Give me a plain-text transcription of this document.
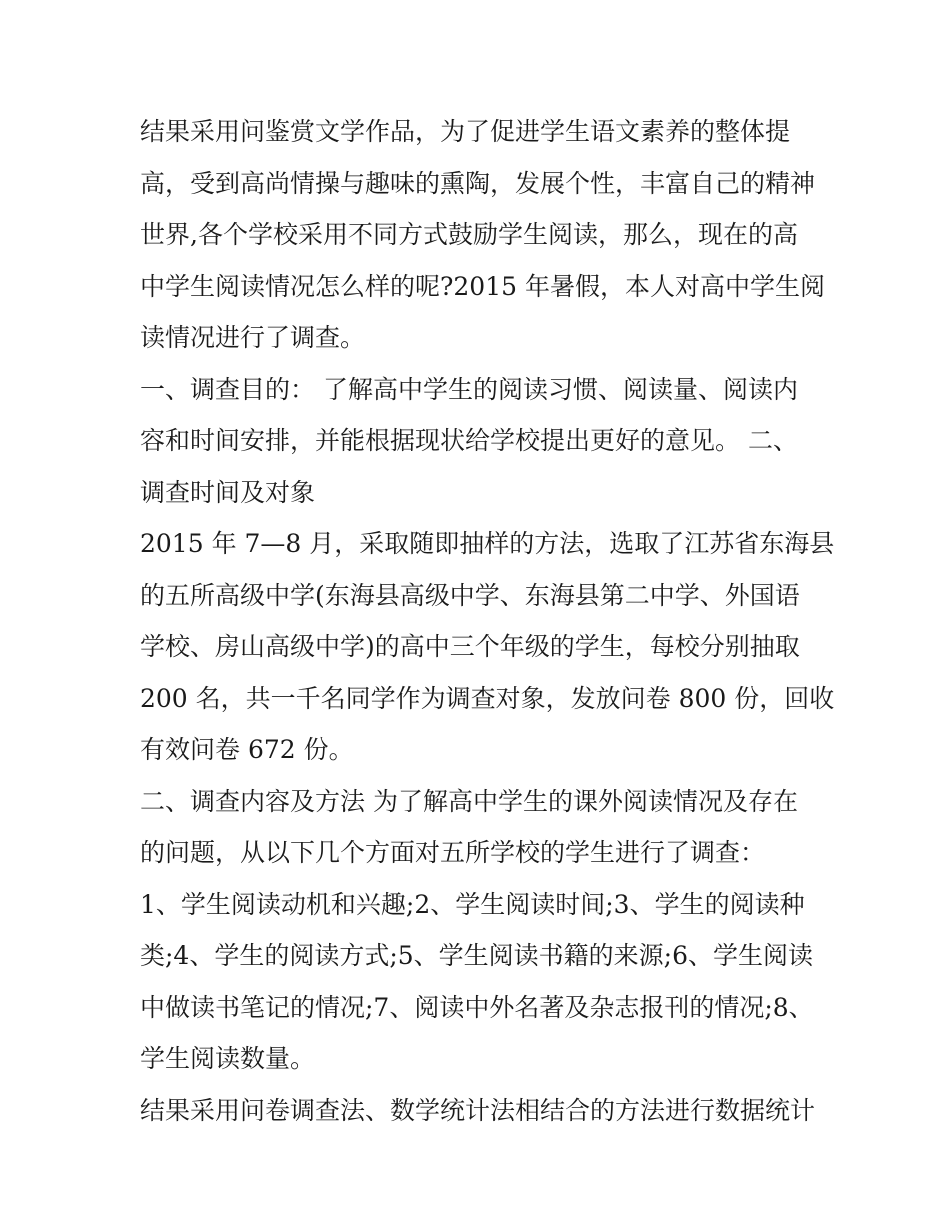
结果采用问鉴赏文学作品，为了促进学生语文素养的整体提
高，受到高尚情操与趣味的熏陶，发展个性，丰富自己的精神
世界,各个学校采用不同方式鼓励学生阅读，那么，现在的高
中学生阅读情况怎么样的呢?2015 年暑假，本人对高中学生阅
读情况进行了调查。
一、调查目的： 了解高中学生的阅读习惯、阅读量、阅读内
容和时间安排，并能根据现状给学校提出更好的意见。 二、
调查时间及对象
2015 年 7—8 月，采取随即抽样的方法，选取了江苏省东海县
的五所高级中学(东海县高级中学、东海县第二中学、外国语
学校、房山高级中学)的高中三个年级的学生，每校分别抽取
200 名，共一千名同学作为调查对象，发放问卷 800 份，回收
有效问卷 672 份。
二、调查内容及方法 为了解高中学生的课外阅读情况及存在
的问题，从以下几个方面对五所学校的学生进行了调查：
1、学生阅读动机和兴趣;2、学生阅读时间;3、学生的阅读种
类;4、学生的阅读方式;5、学生阅读书籍的来源;6、学生阅读
中做读书笔记的情况;7、阅读中外名著及杂志报刊的情况;8、
学生阅读数量。
结果采用问卷调查法、数学统计法相结合的方法进行数据统计
